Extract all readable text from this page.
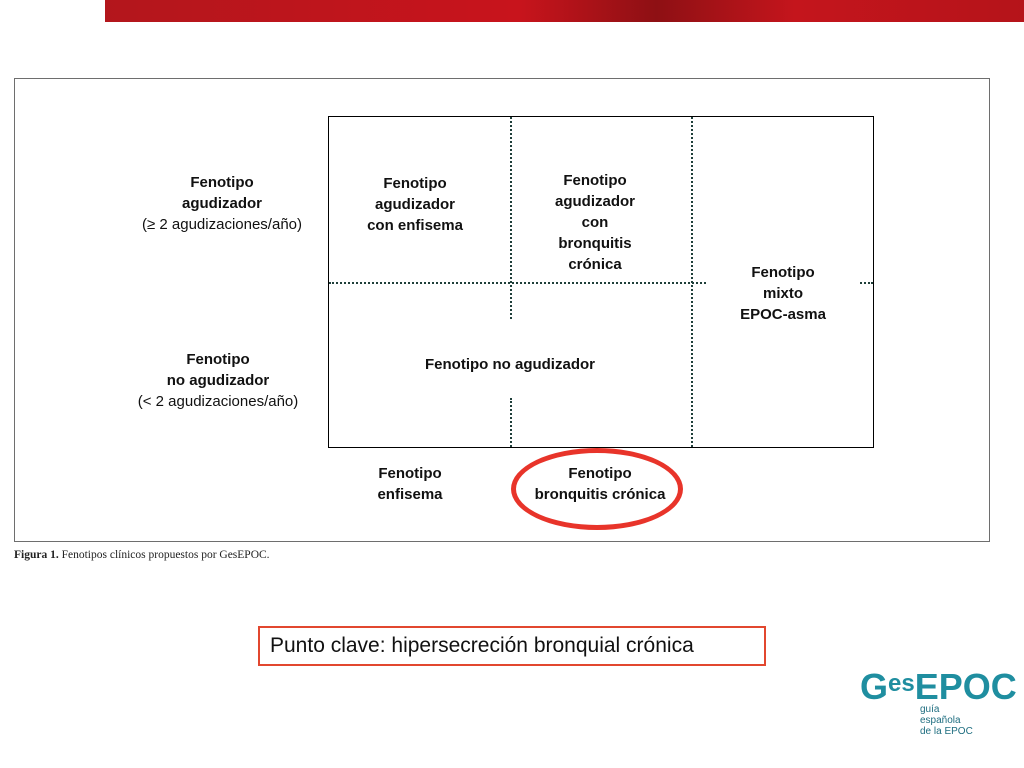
Fenotipo
agudizador
(≥ 2 agudizaciones/año)
Fenotipo
no agudizador
(< 2 agudizaciones/año)
Fenotipo
agudizador
con enfisema
Fenotipo
agudizador
con
bronquitis
crónica	Fenotipo
mixto
EPOC-asma
Fenotipo no agudizador
Fenotipo
enfisema
Fenotipo
bronquitis crónica
Figura 1. Fenotipos clínicos propuestos por GesEPOC.
Punto clave: hipersecreción bronquial crónica
$G^{es}EPOC$
guía
española
de la EPOC
